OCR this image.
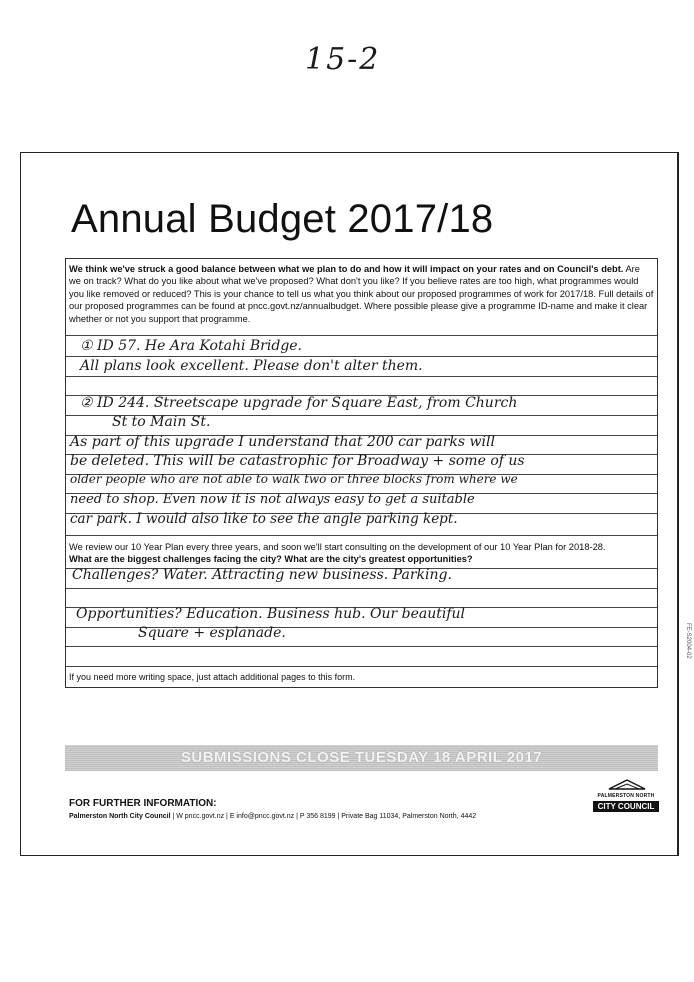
15-2
FE-S2004-02
Annual Budget 2017/18
We think we've struck a good balance between what we plan to do and how it will impact on your rates and on Council's debt. Are we on track? What do you like about what we've proposed? What don't you like? If you believe rates are too high, what programmes would you like removed or reduced? This is your chance to tell us what you think about our proposed programmes of work for 2017/18. Full details of our proposed programmes can be found at pncc.govt.nz/annualbudget. Where possible please give a programme ID-name and make it clear whether or not you support that programme.
① ID 57. He Ara Kotahi Bridge.
All plans look excellent. Please don't alter them.
② ID 244. Streetscape upgrade for Square East, from Church
St to Main St.
As part of this upgrade I understand that 200 car parks will
be deleted. This will be catastrophic for Broadway + some of us
older people who are not able to walk two or three blocks from where we
need to shop. Even now it is not always easy to get a suitable
car park. I would also like to see the angle parking kept.
We review our 10 Year Plan every three years, and soon we'll start consulting on the development of our 10 Year Plan for 2018-28.
What are the biggest challenges facing the city? What are the city's greatest opportunities?
Challenges? Water. Attracting new business. Parking.
Opportunities? Education. Business hub. Our beautiful
Square + esplanade.
If you need more writing space, just attach additional pages to this form.
SUBMISSIONS CLOSE TUESDAY 18 APRIL 2017
FOR FURTHER INFORMATION:
Palmerston North City Council | W pncc.govt.nz | E info@pncc.govt.nz | P 356 8199 | Private Bag 11034, Palmerston North, 4442
PALMERSTON NORTH
CITY COUNCIL
